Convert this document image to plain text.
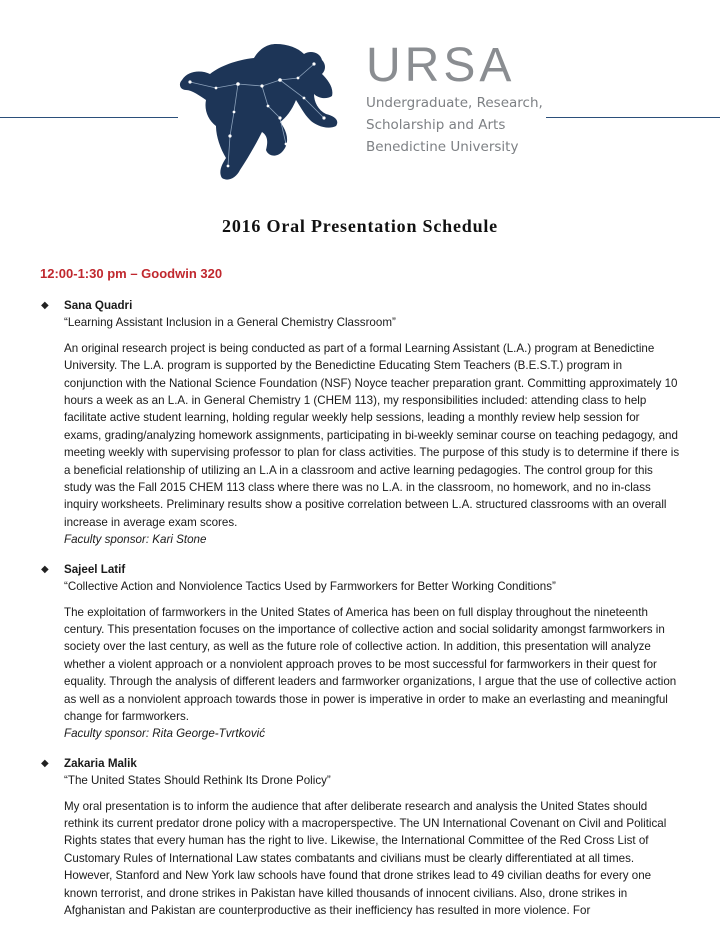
URSA
Undergraduate, Research,
Scholarship and Arts
Benedictine University
2016 Oral Presentation Schedule
12:00-1:30 pm – Goodwin 320
◆ Sana Quadri
“Learning Assistant Inclusion in a General Chemistry Classroom”

An original research project is being conducted as part of a formal Learning Assistant (L.A.) program at Benedictine University. The L.A. program is supported by the Benedictine Educating Stem Teachers (B.E.S.T.) program in conjunction with the National Science Foundation (NSF) Noyce teacher preparation grant. Committing approximately 10 hours a week as an L.A. in General Chemistry 1 (CHEM 113), my responsibilities included: attending class to help facilitate active student learning, holding regular weekly help sessions, leading a monthly review help session for exams, grading/analyzing homework assignments, participating in bi-weekly seminar course on teaching pedagogy, and meeting weekly with supervising professor to plan for class activities. The purpose of this study is to determine if there is a beneficial relationship of utilizing an L.A in a classroom and active learning pedagogies. The control group for this study was the Fall 2015 CHEM 113 class where there was no L.A. in the classroom, no homework, and no in-class inquiry worksheets. Preliminary results show a positive correlation between L.A. structured classrooms with an overall increase in average exam scores.

Faculty sponsor: Kari Stone
◆ Sajeel Latif
“Collective Action and Nonviolence Tactics Used by Farmworkers for Better Working Conditions”

The exploitation of farmworkers in the United States of America has been on full display throughout the nineteenth century. This presentation focuses on the importance of collective action and social solidarity amongst farmworkers in society over the last century, as well as the future role of collective action. In addition, this presentation will analyze whether a violent approach or a nonviolent approach proves to be most successful for farmworkers in their quest for equality. Through the analysis of different leaders and farmworker organizations, I argue that the use of collective action as well as a nonviolent approach towards those in power is imperative in order to make an everlasting and meaningful change for farmworkers.

Faculty sponsor: Rita George-Tvrtković
◆ Zakaria Malik
“The United States Should Rethink Its Drone Policy”

My oral presentation is to inform the audience that after deliberate research and analysis the United States should rethink its current predator drone policy with a macroperspective. The UN International Covenant on Civil and Political Rights states that every human has the right to live. Likewise, the International Committee of the Red Cross List of Customary Rules of International Law states combatants and civilians must be clearly differentiated at all times. However, Stanford and New York law schools have found that drone strikes lead to 49 civilian deaths for every one known terrorist, and drone strikes in Pakistan have killed thousands of innocent civilians. Also, drone strikes in Afghanistan and Pakistan are counterproductive as their inefficiency has resulted in more violence. For
